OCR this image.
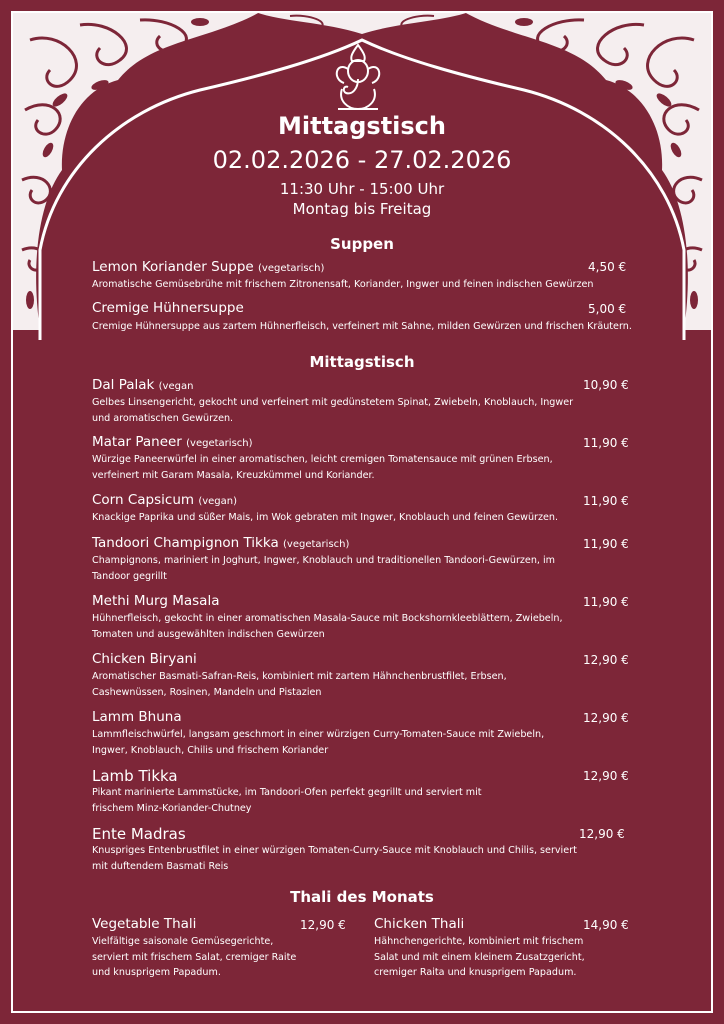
Mittagstisch
02.02.2026 - 27.02.2026
11:30 Uhr - 15:00 Uhr
Montag bis Freitag
Suppen
Lemon Koriander Suppe (vegetarisch)	4,50 €
Aromatische Gemüsebrühe mit frischem Zitronensaft, Koriander, Ingwer und feinen indischen Gewürzen
Cremige Hühnersuppe	5,00 €
Cremige Hühnersuppe aus zartem Hühnerfleisch, verfeinert mit Sahne, milden Gewürzen und frischen Kräutern.
Mittagstisch
Dal Palak (vegan	10,90 €
Gelbes Linsengericht, gekocht und verfeinert mit gedünstetem Spinat, Zwiebeln, Knoblauch, Ingwer und aromatischen Gewürzen.
Matar Paneer (vegetarisch)	11,90 €
Würzige Paneerwürfel in einer aromatischen, leicht cremigen Tomatensauce mit grünen Erbsen, verfeinert mit Garam Masala, Kreuzkümmel und Koriander.
Corn Capsicum (vegan)	11,90 €
Knackige Paprika und süßer Mais, im Wok gebraten mit Ingwer, Knoblauch und feinen Gewürzen.
Tandoori Champignon Tikka (vegetarisch)	11,90 €
Champignons, mariniert in Joghurt, Ingwer, Knoblauch und traditionellen Tandoori-Gewürzen, im Tandoor gegrillt
Methi Murg Masala	11,90 €
Hühnerfleisch, gekocht in einer aromatischen Masala-Sauce mit Bockshornkleeblättern, Zwiebeln, Tomaten und ausgewählten indischen Gewürzen
Chicken Biryani	12,90 €
Aromatischer Basmati-Safran-Reis, kombiniert mit zartem Hähnchenbrustfilet, Erbsen, Cashewnüssen, Rosinen, Mandeln und Pistazien
Lamm Bhuna	12,90 €
Lammfleischwürfel, langsam geschmort in einer würzigen Curry-Tomaten-Sauce mit Zwiebeln, Ingwer, Knoblauch, Chilis und frischem Koriander
Lamb Tikka	12,90 €
Pikant marinierte Lammstücke, im Tandoori-Ofen perfekt gegrillt und serviert mit frischem Minz-Koriander-Chutney
Ente Madras	12,90 €
Knuspriges Entenbrustfilet in einer würzigen Tomaten-Curry-Sauce mit Knoblauch und Chilis, serviert mit duftendem Basmati Reis
Thali des Monats
Vegetable Thali	12,90 €
Vielfältige saisonale Gemüsegerichte, serviert mit frischem Salat, cremiger Raite und knusprigem Papadum.
Chicken Thali	14,90 €
Hähnchengerichte, kombiniert mit frischem Salat und mit einem kleinem Zusatzgericht, cremiger Raita und knusprigem Papadum.
